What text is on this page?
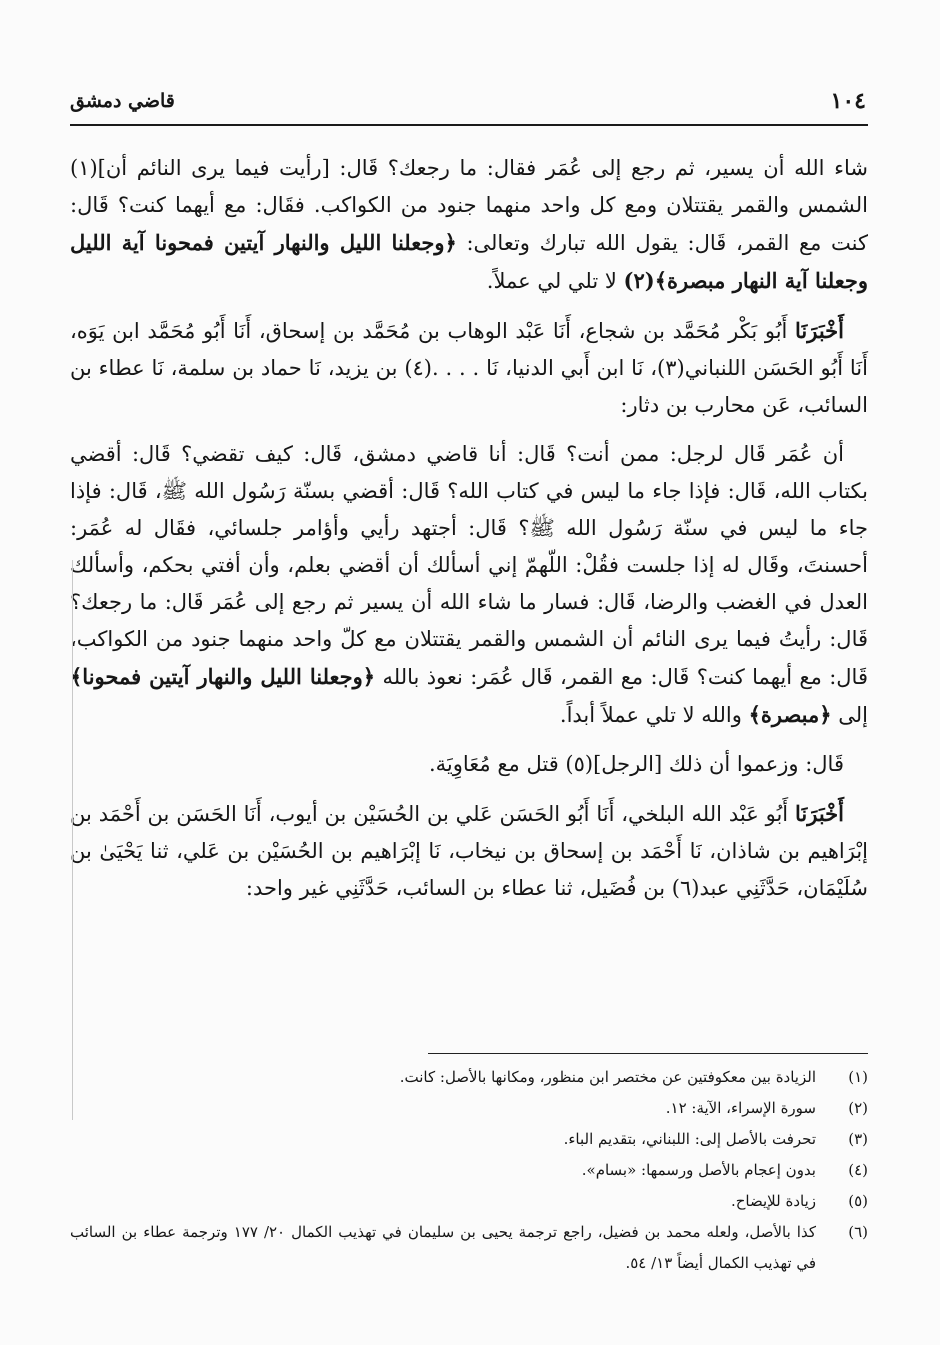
١٠٤
قاضي دمشق

شاء الله أن يسير، ثم رجع إلى عُمَر فقال: ما رجعك؟ قَال: [رأيت فيما يرى النائم أن](١) الشمس والقمر يقتتلان ومع كل واحد منهما جنود من الكواكب. فقَال: مع أيهما كنت؟ قَال: كنت مع القمر، قَال: يقول الله تبارك وتعالى: ﴿وجعلنا الليل والنهار آيتين فمحونا آية الليل وجعلنا آية النهار مبصرة﴾(٢) لا تلي لي عملاً.

أَخْبَرَنَا أَبُو بَكْر مُحَمَّد بن شجاع، أَنَا عَبْد الوهاب بن مُحَمَّد بن إسحاق، أَنَا أَبُو مُحَمَّد ابن يَوَه، أَنَا أَبُو الحَسَن اللنباني(٣)، نَا ابن أَبي الدنيا، نَا . . . .(٤) بن يزيد، نَا حماد بن سلمة، نَا عطاء بن السائب، عَن محارب بن دثار:

أن عُمَر قَال لرجل: ممن أنت؟ قَال: أنا قاضي دمشق، قَال: كيف تقضي؟ قَال: أقضي بكتاب الله، قَال: فإذا جاء ما ليس في كتاب الله؟ قَال: أقضي بسنّة رَسُول الله ﷺ، قَال: فإذا جاء ما ليس في سنّة رَسُول الله ﷺ؟ قَال: أجتهد رأيي وأؤامر جلسائي، فقَال له عُمَر: أحسنتَ، وقَال له إذا جلست فقُلْ: اللّهمّ إني أسألك أن أقضي بعلم، وأن أفتي بحكم، وأسألك العدل في الغضب والرضا، قَال: فسار ما شاء الله أن يسير ثم رجع إلى عُمَر قَال: ما رجعك؟ قَال: رأيتُ فيما يرى النائم أن الشمس والقمر يقتتلان مع كلّ واحد منهما جنود من الكواكب، قَال: مع أيهما كنت؟ قَال: مع القمر، قَال عُمَر: نعوذ بالله ﴿وجعلنا الليل والنهار آيتين فمحونا﴾ إلى ﴿مبصرة﴾ والله لا تلي عملاً أبداً.

قَال: وزعموا أن ذلك [الرجل](٥) قتل مع مُعَاوِيَة.

أَخْبَرَنَا أَبُو عَبْد الله البلخي، أَنَا أَبُو الحَسَن عَلي بن الحُسَيْن بن أيوب، أَنَا الحَسَن بن أَحْمَد بن إبْرَاهيم بن شاذان، نَا أَحْمَد بن إسحاق بن نيخاب، نَا إبْرَاهيم بن الحُسَيْن بن عَلي، ثنا يَحْيَىٰ بن سُلَيْمَان، حَدَّثَنِي عبد(٦) بن فُضَيل، ثنا عطاء بن السائب، حَدَّثَنِي غير واحد:

(١)
الزيادة بين معكوفتين عن مختصر ابن منظور، ومكانها بالأصل: كانت.

(٢)
سورة الإسراء، الآية: ١٢.

(٣)
تحرفت بالأصل إلى: اللبناني، بتقديم الباء.

(٤)
بدون إعجام بالأصل ورسمها: «بسام».

(٥)
زيادة للإيضاح.

(٦)
كذا بالأصل، ولعله محمد بن فضيل، راجع ترجمة يحيى بن سليمان في تهذيب الكمال ٢٠/ ١٧٧ وترجمة عطاء بن السائب في تهذيب الكمال أيضاً ١٣/ ٥٤.
